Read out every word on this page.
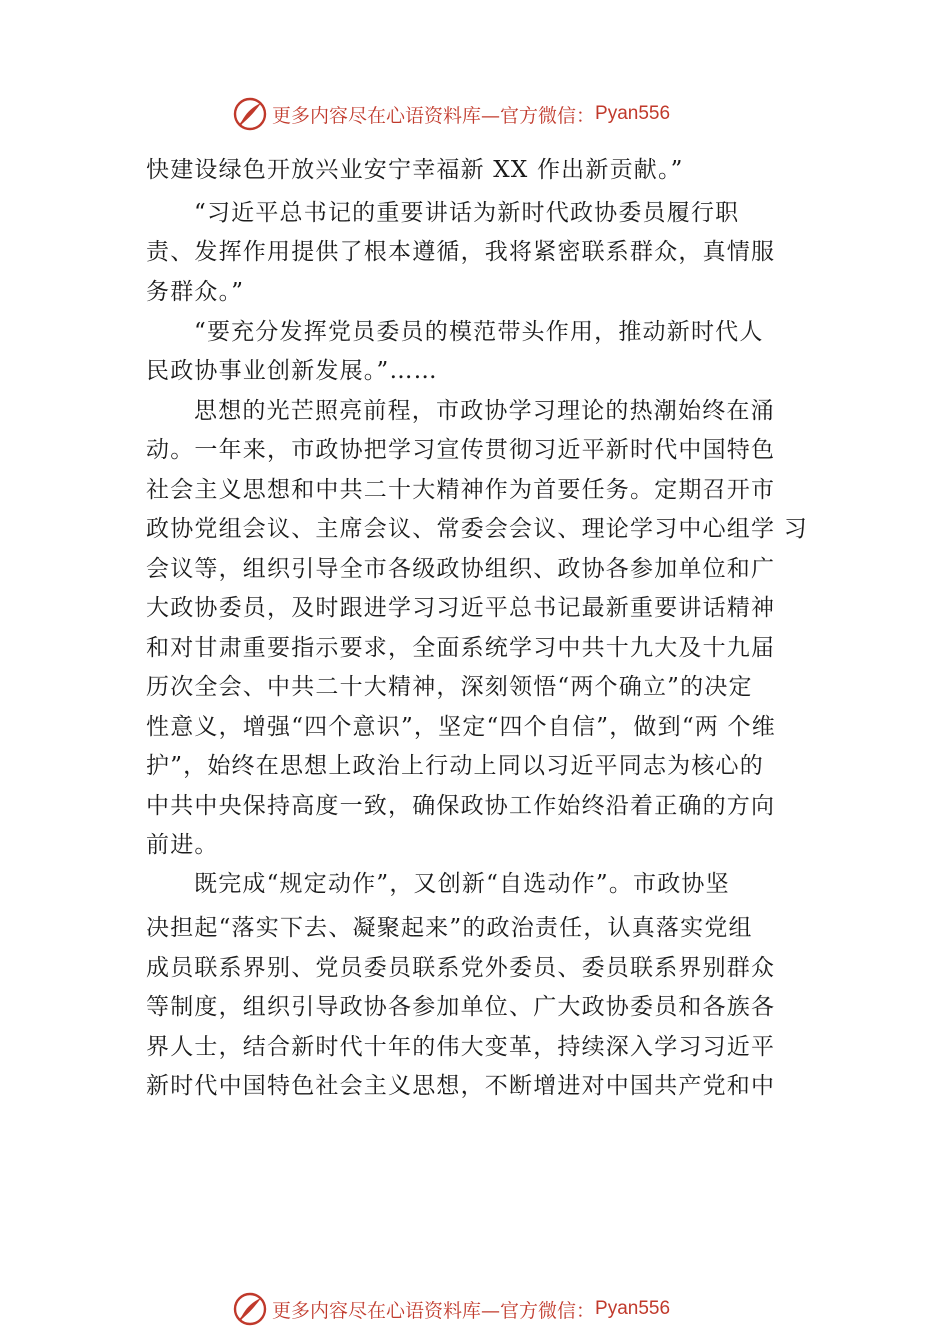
更多内容尽在心语资料库 —官方微信： Pyan556
快建设绿色开放兴业安宁幸福新 XX 作出新贡献。”
“习近平总书记的重要讲话为新时代政协委员履行职
责、发挥作用提供了根本遵循，我将紧密联系群众，真情服
务群众。”
“要充分发挥党员委员的模范带头作用，推动新时代人
民政协事业创新发展。”……
思想的光芒照亮前程，市政协学习理论的热潮始终在涌
动。一年来，市政协把学习宣传贯彻习近平新时代中国特色
社会主义思想和中共二十大精神作为首要任务。定期召开市
政协党组会议、主席会议、常委会会议、理论学习中心组学 习
会议等，组织引导全市各级政协组织、政协各参加单位和广
大政协委员，及时跟进学习习近平总书记最新重要讲话精神
和对甘肃重要指示要求，全面系统学习中共十九大及十九届
历次全会、中共二十大精神，深刻领悟“两个确立”的决定
性意义，增强“四个意识”，坚定“四个自信”，做到“两 个维
护”，始终在思想上政治上行动上同以习近平同志为核心的
中共中央保持高度一致，确保政协工作始终沿着正确的方向
前进。
既完成“规定动作”，又创新“自选动作”。市政协坚
决担起“落实下去、凝聚起来”的政治责任，认真落实党组
成员联系界别、党员委员联系党外委员、委员联系界别群众
等制度，组织引导政协各参加单位、广大政协委员和各族各
界人士，结合新时代十年的伟大变革，持续深入学习习近平
新时代中国特色社会主义思想，不断增进对中国共产党和中
更多内容尽在心语资料库 —官方微信： Pyan556
